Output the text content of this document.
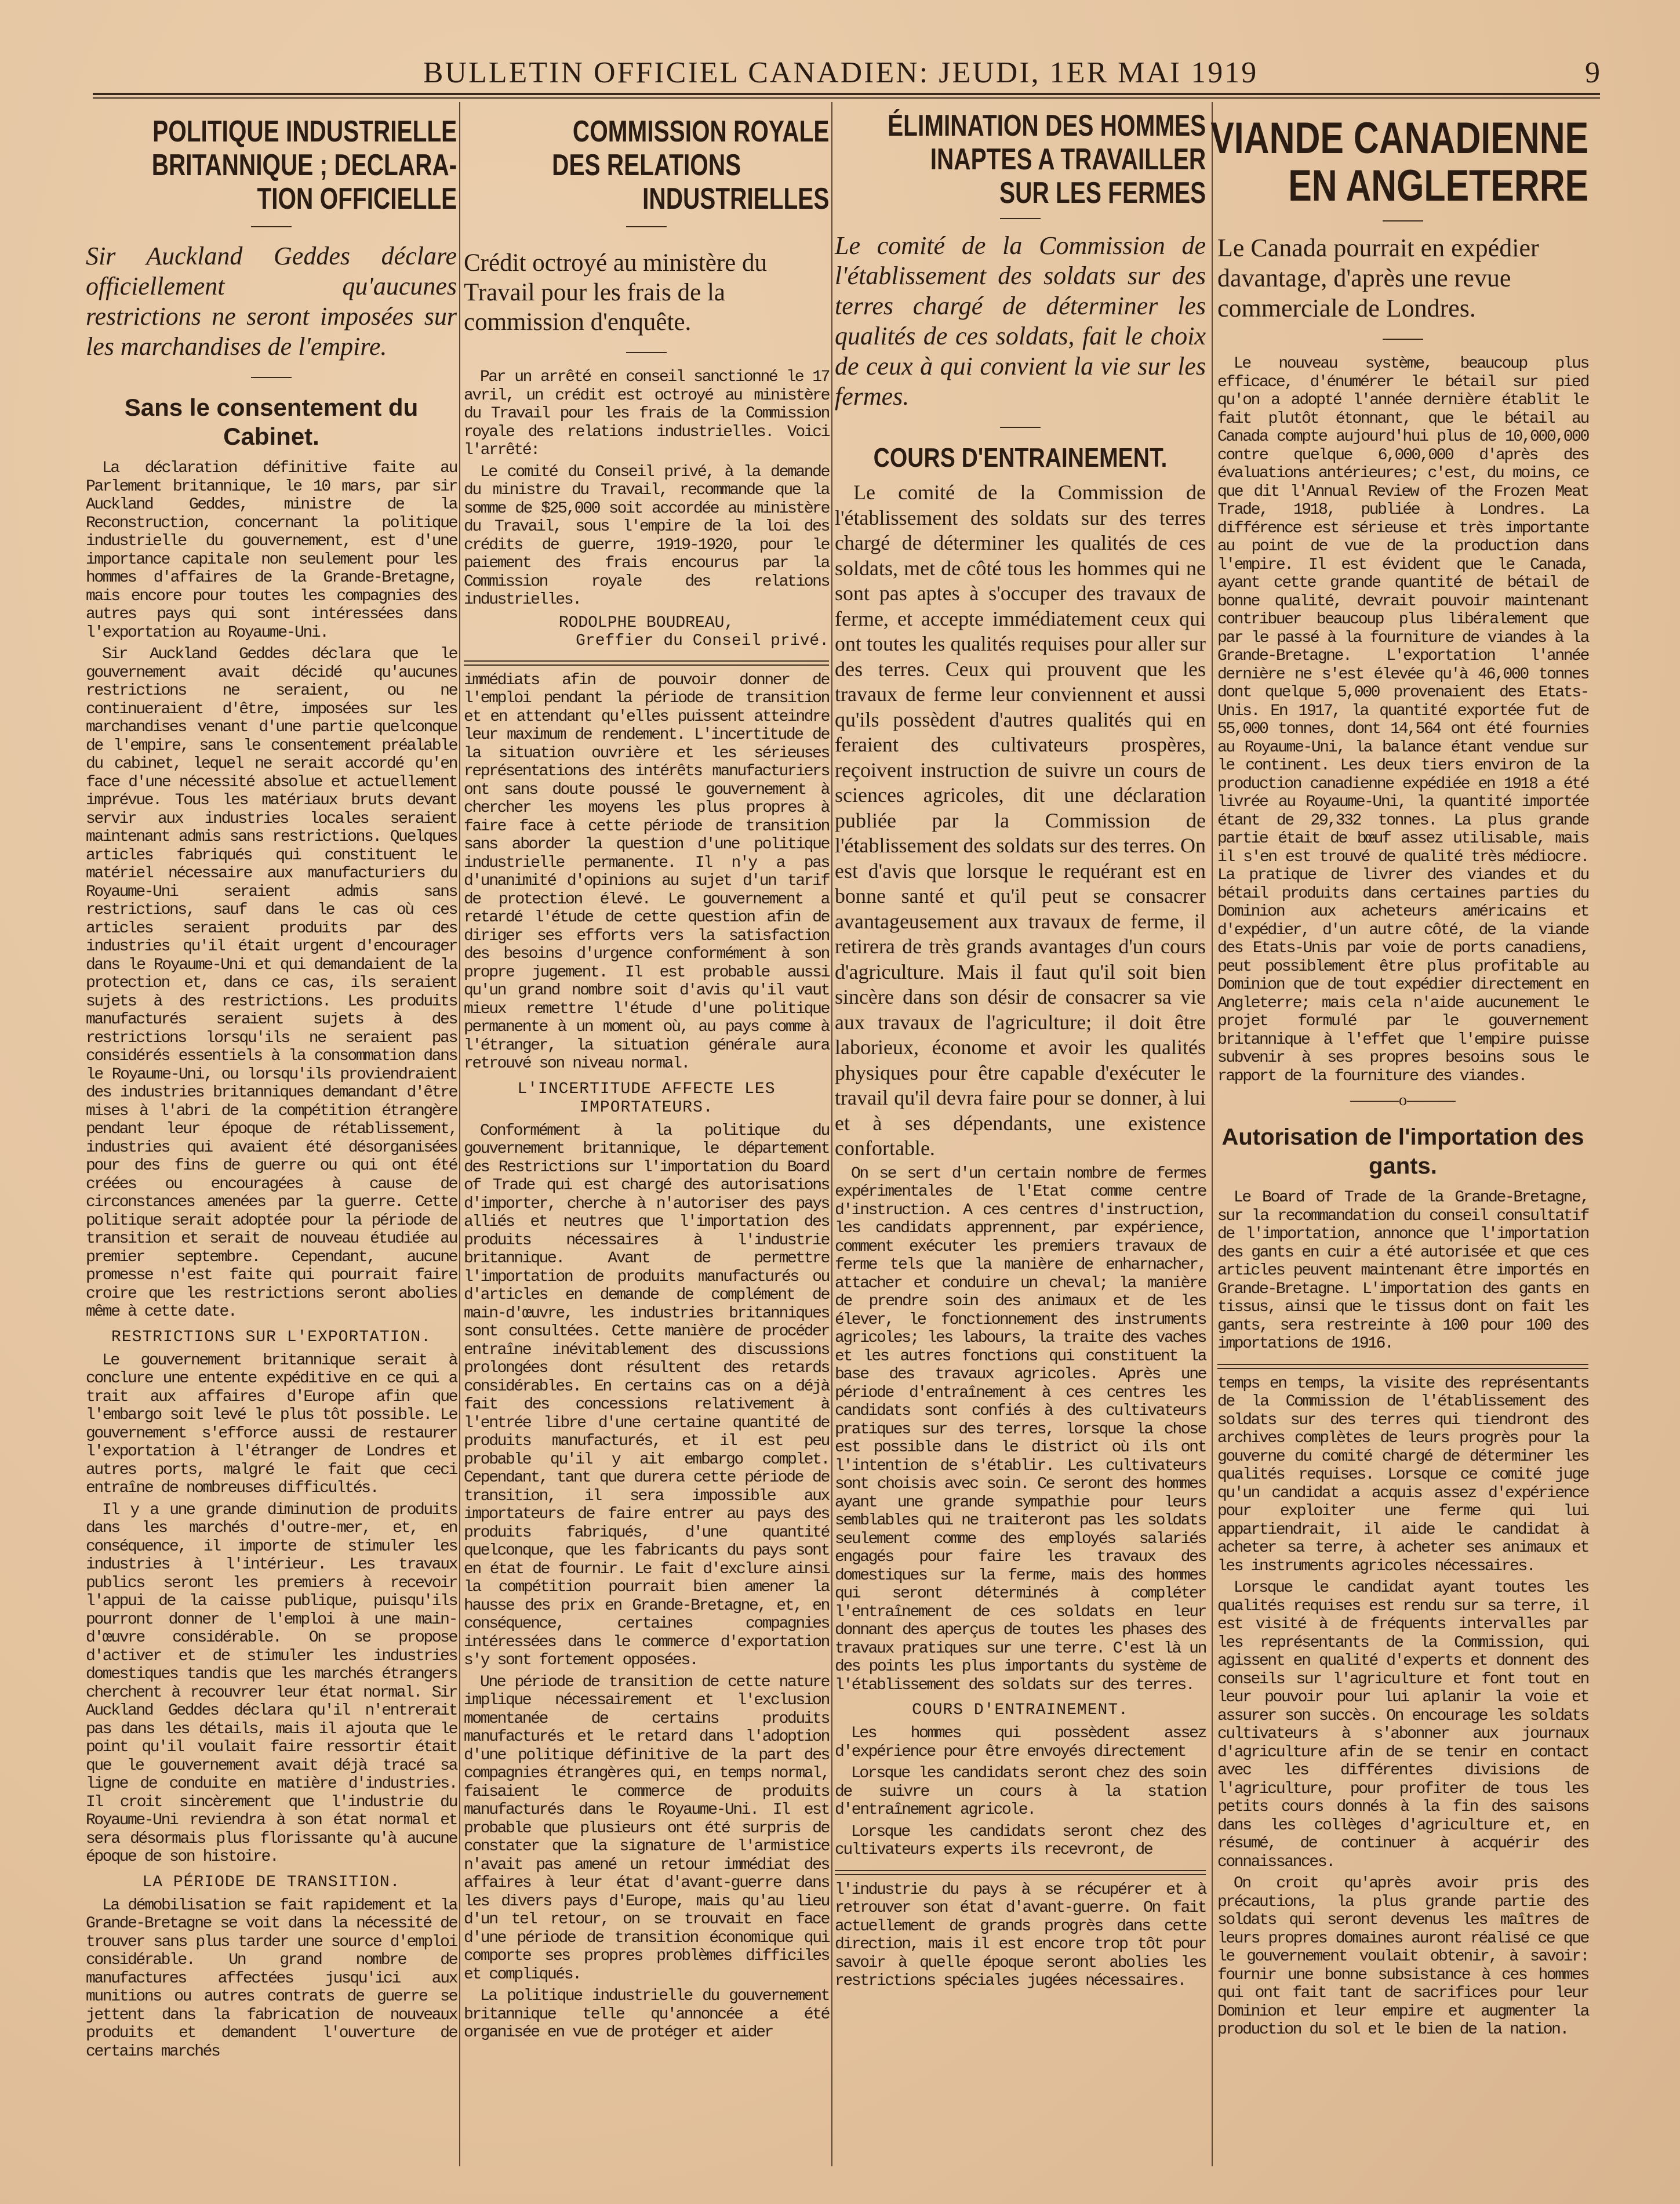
BULLETIN OFFICIEL CANADIEN: JEUDI, 1ER MAI 1919	9
POLITIQUE INDUSTRIELLE
BRITANNIQUE ; DECLARA-
TION OFFICIELLE
Sir Auckland Geddes déclare officiellement qu'aucunes restrictions ne seront imposées sur les marchandises de l'empire.
Sans le consentement du Cabinet.

La déclaration définitive faite au Parlement britannique, le 10 mars, par sir Auckland Geddes, ministre de la Reconstruction, concernant la politique industrielle du gouvernement, est d'une importance capitale non seulement pour les hommes d'affaires de la Grande-Bretagne, mais encore pour toutes les compagnies des autres pays qui sont intéressées dans l'exportation au Royaume-Uni.

Sir Auckland Geddes déclara que le gouvernement avait décidé qu'aucunes restrictions ne seraient, ou ne continueraient d'être, imposées sur les marchandises venant d'une partie quelconque de l'empire, sans le consentement préalable du cabinet, lequel ne serait accordé qu'en face d'une nécessité absolue et actuellement imprévue. Tous les matériaux bruts devant servir aux industries locales seraient maintenant admis sans restrictions. Quelques articles fabriqués qui constituent le matériel nécessaire aux manufacturiers du Royaume-Uni seraient admis sans restrictions, sauf dans le cas où ces articles seraient produits par des industries qu'il était urgent d'encourager dans le Royaume-Uni et qui demandaient de la protection et, dans ce cas, ils seraient sujets à des restrictions. Les produits manufacturés seraient sujets à des restrictions lorsqu'ils ne seraient pas considérés essentiels à la consommation dans le Royaume-Uni, ou lorsqu'ils proviendraient des industries britanniques demandant d'être mises à l'abri de la compétition étrangère pendant leur époque de rétablissement, industries qui avaient été désorganisées pour des fins de guerre ou qui ont été créées ou encouragées à cause de circonstances amenées par la guerre. Cette politique serait adoptée pour la période de transition et serait de nouveau étudiée au premier septembre. Cependant, aucune promesse n'est faite qui pourrait faire croire que les restrictions seront abolies même à cette date.

RESTRICTIONS SUR L'EXPORTATION.

Le gouvernement britannique serait à conclure une entente expéditive en ce qui a trait aux affaires d'Europe afin que l'embargo soit levé le plus tôt possible. Le gouvernement s'efforce aussi de restaurer l'exportation à l'étranger de Londres et autres ports, malgré le fait que ceci entraîne de nombreuses difficultés.

Il y a une grande diminution de produits dans les marchés d'outre-mer, et, en conséquence, il importe de stimuler les industries à l'intérieur. Les travaux publics seront les premiers à recevoir l'appui de la caisse publique, puisqu'ils pourront donner de l'emploi à une main-d'œuvre considérable. On se propose d'activer et de stimuler les industries domestiques tandis que les marchés étrangers cherchent à recouvrer leur état normal. Sir Auckland Geddes déclara qu'il n'entrerait pas dans les détails, mais il ajouta que le point qu'il voulait faire ressortir était que le gouvernement avait déjà tracé sa ligne de conduite en matière d'industries. Il croit sincèrement que l'industrie du Royaume-Uni reviendra à son état normal et sera désormais plus florissante qu'à aucune époque de son histoire.

LA PÉRIODE DE TRANSITION.

La démobilisation se fait rapidement et la Grande-Bretagne se voit dans la nécessité de trouver sans plus tarder une source d'emploi considérable. Un grand nombre de manufactures affectées jusqu'ici aux munitions ou autres contrats de guerre se jettent dans la fabrication de nouveaux produits et demandent l'ouverture de certains marchés

COMMISSION ROYALE
DES RELATIONS
INDUSTRIELLES
Crédit octroyé au ministère du Travail pour les frais de la commission d'enquête.

Par un arrêté en conseil sanctionné le 17 avril, un crédit est octroyé au ministère du Travail pour les frais de la Commission royale des relations industrielles. Voici l'arrêté:

Le comité du Conseil privé, à la demande du ministre du Travail, recommande que la somme de $25,000 soit accordée au ministère du Travail, sous l'empire de la loi des crédits de guerre, 1919-1920, pour le paiement des frais encourus par la Commission royale des relations industrielles.

RODOLPHE BOUDREAU,
Greffier du Conseil privé.

immédiats afin de pouvoir donner de l'emploi pendant la période de transition et en attendant qu'elles puissent atteindre leur maximum de rendement. L'incertitude de la situation ouvrière et les sérieuses représentations des intérêts manufacturiers ont sans doute poussé le gouvernement à chercher les moyens les plus propres à faire face à cette période de transition sans aborder la question d'une politique industrielle permanente. Il n'y a pas d'unanimité d'opinions au sujet d'un tarif de protection élevé. Le gouvernement a retardé l'étude de cette question afin de diriger ses efforts vers la satisfaction des besoins d'urgence conformément à son propre jugement. Il est probable aussi qu'un grand nombre soit d'avis qu'il vaut mieux remettre l'étude d'une politique permanente à un moment où, au pays comme à l'étranger, la situation générale aura retrouvé son niveau normal.

L'INCERTITUDE AFFECTE LES IMPORTATEURS.

Conformément à la politique du gouvernement britannique, le département des Restrictions sur l'importation du Board of Trade qui est chargé des autorisations d'importer, cherche à n'autoriser des pays alliés et neutres que l'importation des produits nécessaires à l'industrie britannique. Avant de permettre l'importation de produits manufacturés ou d'articles en demande de complément de main-d'œuvre, les industries britanniques sont consultées. Cette manière de procéder entraîne inévitablement des discussions prolongées dont résultent des retards considérables. En certains cas on a déjà fait des concessions relativement à l'entrée libre d'une certaine quantité de produits manufacturés, et il est peu probable qu'il y ait embargo complet. Cependant, tant que durera cette période de transition, il sera impossible aux importateurs de faire entrer au pays des produits fabriqués, d'une quantité quelconque, que les fabricants du pays sont en état de fournir. Le fait d'exclure ainsi la compétition pourrait bien amener la hausse des prix en Grande-Bretagne, et, en conséquence, certaines compagnies intéressées dans le commerce d'exportation s'y sont fortement opposées.

Une période de transition de cette nature implique nécessairement et l'exclusion momentanée de certains produits manufacturés et le retard dans l'adoption d'une politique définitive de la part des compagnies étrangères qui, en temps normal, faisaient le commerce de produits manufacturés dans le Royaume-Uni. Il est probable que plusieurs ont été surpris de constater que la signature de l'armistice n'avait pas amené un retour immédiat des affaires à leur état d'avant-guerre dans les divers pays d'Europe, mais qu'au lieu d'un tel retour, on se trouvait en face d'une période de transition économique qui comporte ses propres problèmes difficiles et compliqués.

La politique industrielle du gouvernement britannique telle qu'annoncée a été organisée en vue de protéger et aider

ÉLIMINATION DES HOMMES
INAPTES A TRAVAILLER
SUR LES FERMES
Le comité de la Commission de l'établissement des soldats sur des terres chargé de déterminer les qualités de ces soldats, fait le choix de ceux à qui convient la vie sur les fermes.
COURS D'ENTRAINEMENT.

Le comité de la Commission de l'établissement des soldats sur des terres chargé de déterminer les qualités de ces soldats, met de côté tous les hommes qui ne sont pas aptes à s'occuper des travaux de ferme, et accepte immédiatement ceux qui ont toutes les qualités requises pour aller sur des terres. Ceux qui prouvent que les travaux de ferme leur conviennent et aussi qu'ils possèdent d'autres qualités qui en feraient des cultivateurs prospères, reçoivent instruction de suivre un cours de sciences agricoles, dit une déclaration publiée par la Commission de l'établissement des soldats sur des terres. On est d'avis que lorsque le requérant est en bonne santé et qu'il peut se consacrer avantageusement aux travaux de ferme, il retirera de très grands avantages d'un cours d'agriculture. Mais il faut qu'il soit bien sincère dans son désir de consacrer sa vie aux travaux de l'agriculture; il doit être laborieux, économe et avoir les qualités physiques pour être capable d'exécuter le travail qu'il devra faire pour se donner, à lui et à ses dépendants, une existence confortable.

On se sert d'un certain nombre de fermes expérimentales de l'Etat comme centre d'instruction. A ces centres d'instruction, les candidats apprennent, par expérience, comment exécuter les premiers travaux de ferme tels que la manière de enharnacher, attacher et conduire un cheval; la manière de prendre soin des animaux et de les élever, le fonctionnement des instruments agricoles; les labours, la traite des vaches et les autres fonctions qui constituent la base des travaux agricoles. Après une période d'entraînement à ces centres les candidats sont confiés à des cultivateurs pratiques sur des terres, lorsque la chose est possible dans le district où ils ont l'intention de s'établir. Les cultivateurs sont choisis avec soin. Ce seront des hommes ayant une grande sympathie pour leurs semblables qui ne traiteront pas les soldats seulement comme des employés salariés engagés pour faire les travaux des domestiques sur la ferme, mais des hommes qui seront déterminés à compléter l'entraînement de ces soldats en leur donnant des aperçus de toutes les phases des travaux pratiques sur une terre. C'est là un des points les plus importants du système de l'établissement des soldats sur des terres.

COURS D'ENTRAINEMENT.

Les hommes qui possèdent assez d'expérience pour être envoyés directement

Lorsque les candidats seront chez des soin de suivre un cours à la station d'entraînement agricole.

Lorsque les candidats seront chez des cultivateurs experts ils recevront, de

l'industrie du pays à se récupérer et à retrouver son état d'avant-guerre. On fait actuellement de grands progrès dans cette direction, mais il est encore trop tôt pour savoir à quelle époque seront abolies les restrictions spéciales jugées nécessaires.

VIANDE CANADIENNE
EN ANGLETERRE
Le Canada pourrait en expédier davantage, d'après une revue commerciale de Londres.

Le nouveau système, beaucoup plus efficace, d'énumérer le bétail sur pied qu'on a adopté l'année dernière établit le fait plutôt étonnant, que le bétail au Canada compte aujourd'hui plus de 10,000,000 contre quelque 6,000,000 d'après des évaluations antérieures; c'est, du moins, ce que dit l'Annual Review of the Frozen Meat Trade, 1918, publiée à Londres. La différence est sérieuse et très importante au point de vue de la production dans l'empire. Il est évident que le Canada, ayant cette grande quantité de bétail de bonne qualité, devrait pouvoir maintenant contribuer beaucoup plus libéralement que par le passé à la fourniture de viandes à la Grande-Bretagne. L'exportation l'année dernière ne s'est élevée qu'à 46,000 tonnes dont quelque 5,000 provenaient des Etats-Unis. En 1917, la quantité exportée fut de 55,000 tonnes, dont 14,564 ont été fournies au Royaume-Uni, la balance étant vendue sur le continent. Les deux tiers environ de la production canadienne expédiée en 1918 a été livrée au Royaume-Uni, la quantité importée étant de 29,332 tonnes. La plus grande partie était de bœuf assez utilisable, mais il s'en est trouvé de qualité très médiocre. La pratique de livrer des viandes et du bétail produits dans certaines parties du Dominion aux acheteurs américains et d'expédier, d'un autre côté, de la viande des Etats-Unis par voie de ports canadiens, peut possiblement être plus profitable au Dominion que de tout expédier directement en Angleterre; mais cela n'aide aucunement le projet formulé par le gouvernement britannique à l'effet que l'empire puisse subvenir à ses propres besoins sous le rapport de la fourniture des viandes.

———o———
Autorisation de l'importation des gants.

Le Board of Trade de la Grande-Bretagne, sur la recommandation du conseil consultatif de l'importation, annonce que l'importation des gants en cuir a été autorisée et que ces articles peuvent maintenant être importés en Grande-Bretagne. L'importation des gants en tissus, ainsi que le tissus dont on fait les gants, sera restreinte à 100 pour 100 des importations de 1916.

temps en temps, la visite des représentants de la Commission de l'établissement des soldats sur des terres qui tiendront des archives complètes de leurs progrès pour la gouverne du comité chargé de déterminer les qualités requises. Lorsque ce comité juge qu'un candidat a acquis assez d'expérience pour exploiter une ferme qui lui appartiendrait, il aide le candidat à acheter sa terre, à acheter ses animaux et les instruments agricoles nécessaires.

Lorsque le candidat ayant toutes les qualités requises est rendu sur sa terre, il est visité à de fréquents intervalles par les représentants de la Commission, qui agissent en qualité d'experts et donnent des conseils sur l'agriculture et font tout en leur pouvoir pour lui aplanir la voie et assurer son succès. On encourage les soldats cultivateurs à s'abonner aux journaux d'agriculture afin de se tenir en contact avec les différentes divisions de l'agriculture, pour profiter de tous les petits cours donnés à la fin des saisons dans les collèges d'agriculture et, en résumé, de continuer à acquérir des connaissances.

On croit qu'après avoir pris des précautions, la plus grande partie des soldats qui seront devenus les maîtres de leurs propres domaines auront réalisé ce que le gouvernement voulait obtenir, à savoir: fournir une bonne subsistance à ces hommes qui ont fait tant de sacrifices pour leur Dominion et leur empire et augmenter la production du sol et le bien de la nation.
